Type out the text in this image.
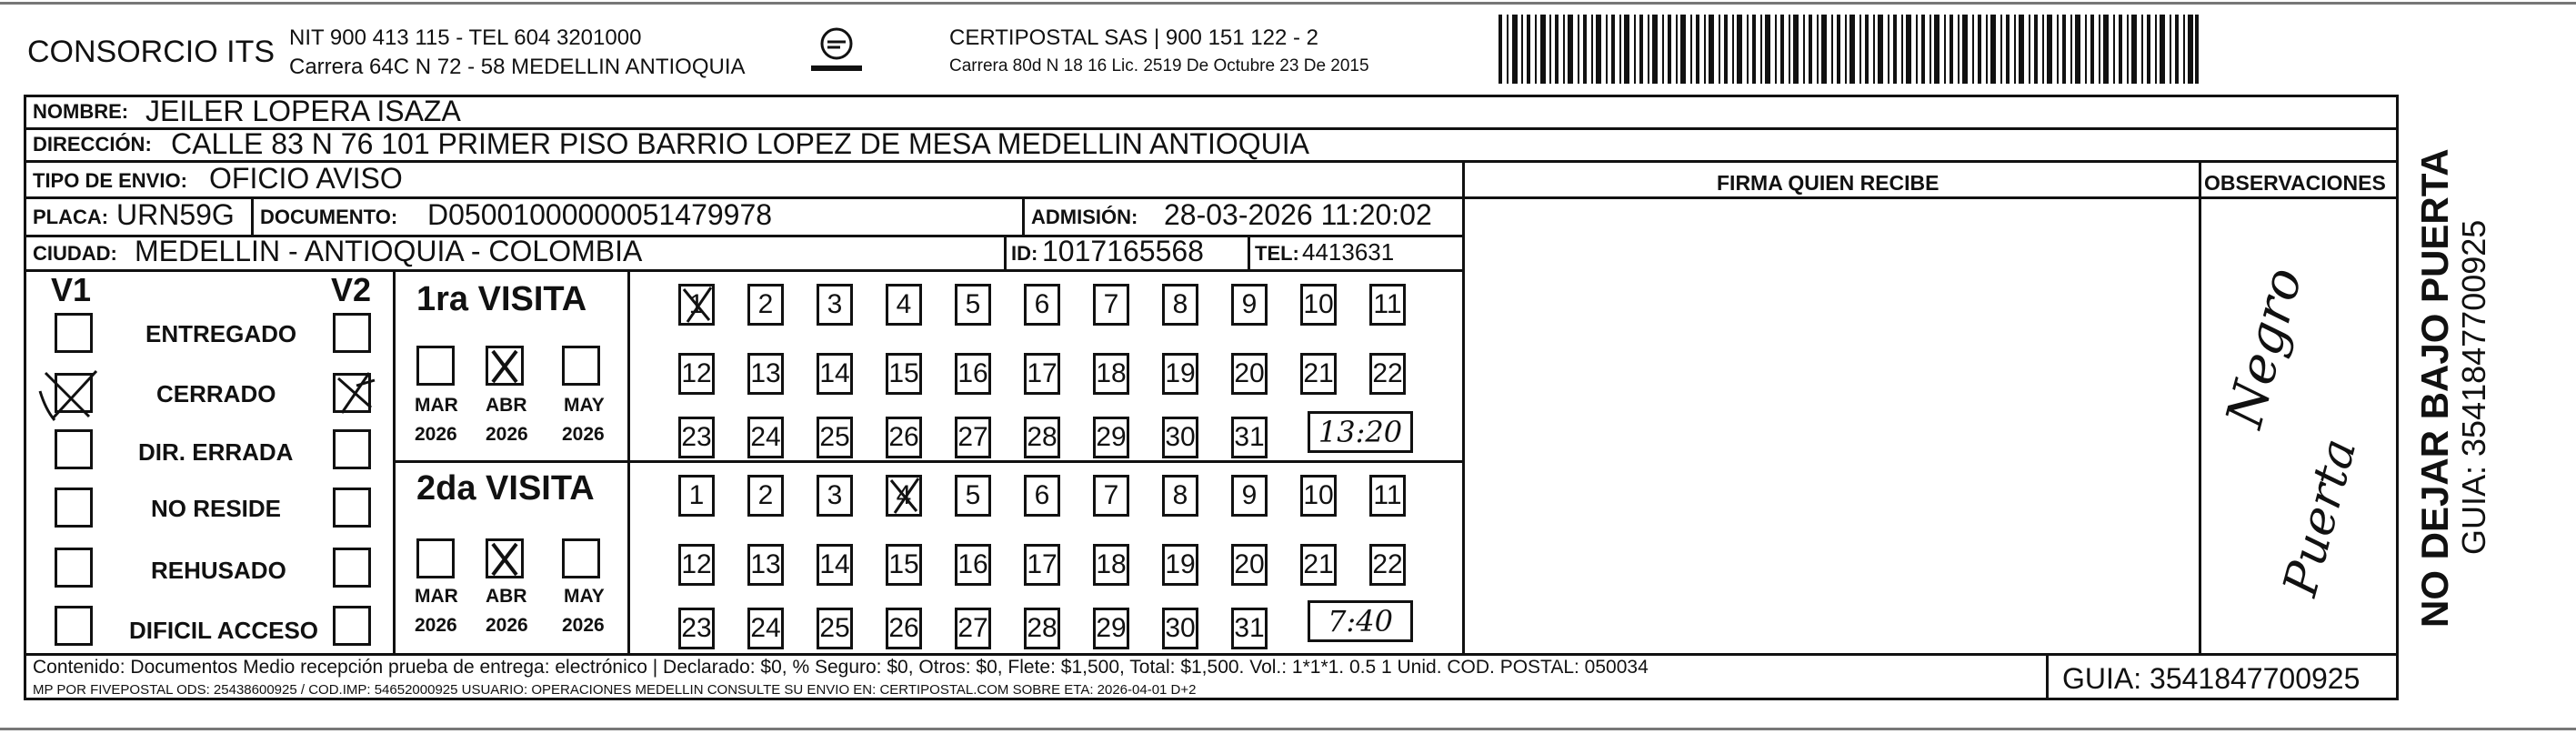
CONSORCIO ITS NIT 900 413 115 - TEL 604 3201000
Carrera 64C N 72 - 58 MEDELLIN ANTIOQUIA
CERTIPOSTAL SAS | 900 151 122 - 2
Carrera 80d N 18 16 Lic. 2519 De Octubre 23 De 2015
NOMBRE: JEILER LOPERA ISAZA
DIRECCIÓN: CALLE 83 N 76 101 PRIMER PISO BARRIO LOPEZ DE MESA MEDELLIN ANTIOQUIA
TIPO DE ENVIO: OFICIO AVISO	FIRMA QUIEN RECIBE	OBSERVACIONES
PLACA: URN59G DOCUMENTO: D05001000000051479978	ADMISIÓN: 28-03-2026 11:20:02
CIUDAD: MEDELLIN - ANTIOQUIA - COLOMBIA	ID: 1017165568	TEL: 4413631
V1	V2
ENTREGADO
CERRADO
DIR. ERRADA
NO RESIDE
REHUSADO
DIFICIL ACCESO
1ra VISITA
MAR ABR MAY
2026 2026 2026
1	2	3	4	5	6	7	8	9	10 11
12 13 14 15 16 17 18 19 20 21 22
23 24 25 26 27 28 29 30 31	13:20
2da VISITA
MAR ABR MAY
2026 2026 2026
1	2	3	4	5	6	7	8	9	10 11
12 13 14 15 16 17 18 19 20 21 22
23 24 25 26 27 28 29 30 31	7:40
Negro
Puerta
Contenido: Documentos Medio recepción prueba de entrega: electrónico | Declarado: $0, % Seguro: $0, Otros: $0, Flete: $1,500, Total: $1,500. Vol.: 1*1*1. 0.5 1 Unid. COD. POSTAL: 050034
MP POR FIVEPOSTAL ODS: 25438600925 / COD.IMP: 54652000925 USUARIO: OPERACIONES MEDELLIN CONSULTE SU ENVIO EN: CERTIPOSTAL.COM SOBRE ETA: 2026-04-01 D+2	GUIA: 3541847700925
NO DEJAR BAJO PUERTA GUIA: 3541847700925
